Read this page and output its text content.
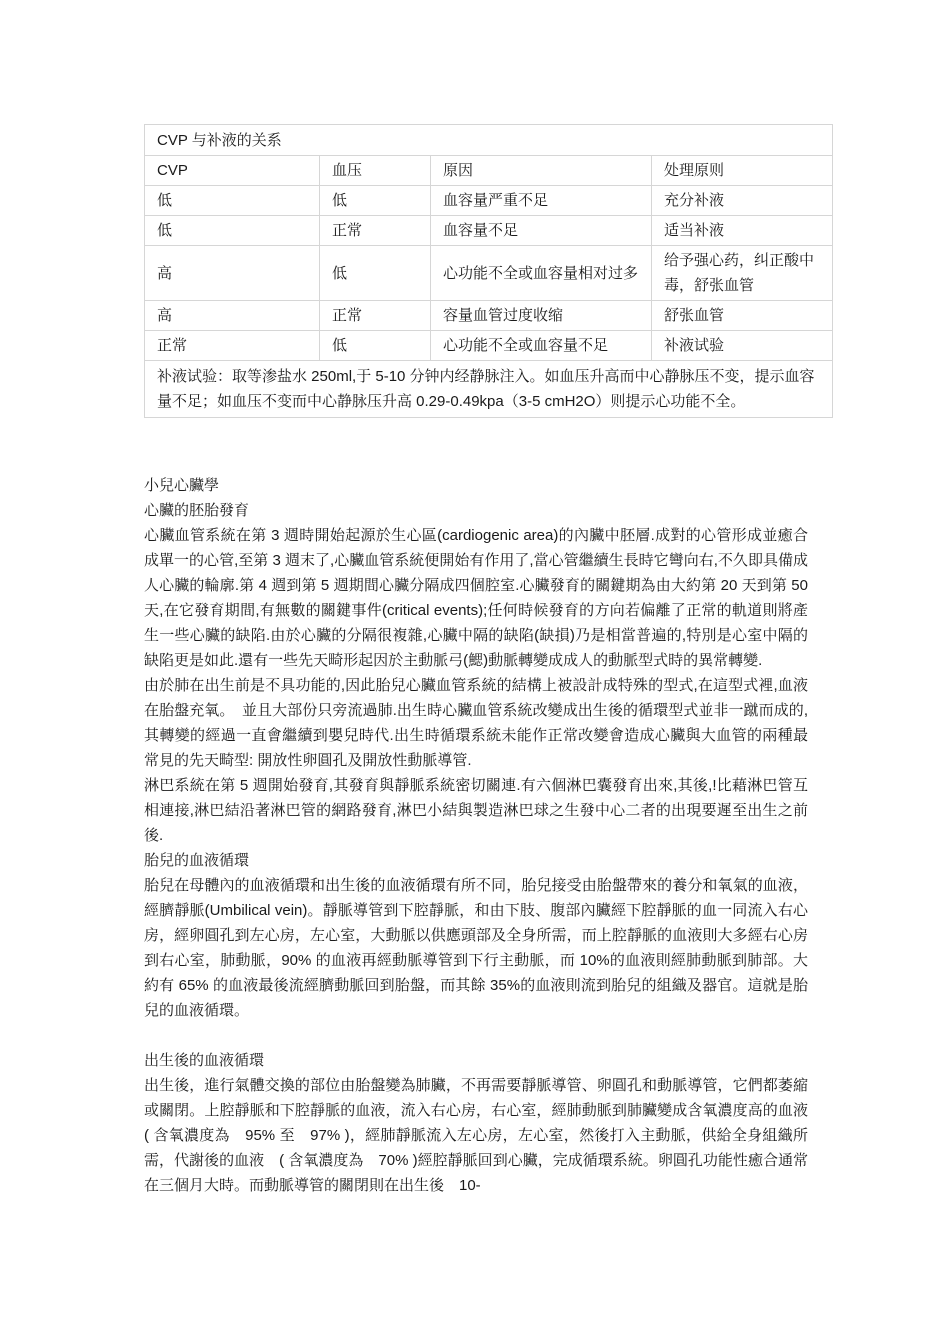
CVP 与补液的关系			
CVP	血压	原因	处理原则
低	低	血容量严重不足	充分补液
低	正常	血容量不足	适当补液
高	低	心功能不全或血容量相对过多	给予强心药，纠正酸中毒，舒张血管
高	正常	容量血管过度收缩	舒张血管
正常	低	心功能不全或血容量不足	补液试验
补液试验：取等渗盐水 250ml,于 5-10 分钟内经静脉注入。如血压升高而中心静脉压不变，提示血容量不足；如血压不变而中心静脉压升高 0.29-0.49kpa（3-5 cmH2O）则提示心功能不全。			

小兒心臟學

心臟的胚胎發育

心臟血管系統在第 3 週時開始起源於生心區(cardiogenic area)的內臟中胚層.成對的心管形成並癒合成單一的心管,至第 3 週末了,心臟血管系統便開始有作用了,當心管繼續生長時它彎向右,不久即具備成人心臟的輪廓.第 4 週到第 5 週期間心臟分隔成四個腔室.心臟發育的關鍵期為由大約第 20 天到第 50 天,在它發育期間,有無數的關鍵事件(critical events);任何時候發育的方向若偏離了正常的軌道則將產生一些心臟的缺陷.由於心臟的分隔很複雜,心臟中隔的缺陷(缺損)乃是相當普遍的,特別是心室中隔的缺陷更是如此.還有一些先天畸形起因於主動脈弓(鰓)動脈轉變成成人的動脈型式時的異常轉變.

由於肺在出生前是不具功能的,因此胎兒心臟血管系統的結構上被設計成特殊的型式,在這型式裡,血液在胎盤充氧。　並且大部份只旁流過肺.出生時心臟血管系統改變成出生後的循環型式並非一蹴而成的,其轉變的經過一直會繼續到嬰兒時代.出生時循環系統未能作正常改變會造成心臟與大血管的兩種最常見的先天畸型: 開放性卵圓孔及開放性動脈導管.

淋巴系統在第 5 週開始發育,其發育與靜脈系統密切關連.有六個淋巴囊發育出來,其後,!比藉淋巴管互相連接,淋巴結沿著淋巴管的網路發育,淋巴小結與製造淋巴球之生發中心二者的出現要遲至出生之前後.

胎兒的血液循環

胎兒在母體內的血液循環和出生後的血液循環有所不同，胎兒接受由胎盤帶來的養分和氧氣的血液，經臍靜脈(Umbilical vein)。靜脈導管到下腔靜脈，和由下肢、腹部內臟經下腔靜脈的血一同流入右心房，經卵圓孔到左心房，左心室，大動脈以供應頭部及全身所需，而上腔靜脈的血液則大多經右心房到右心室，肺動脈，90% 的血液再經動脈導管到下行主動脈，而 10%的血液則經肺動脈到肺部。大約有 65% 的血液最後流經臍動脈回到胎盤，而其餘 35%的血液則流到胎兒的組織及器官。這就是胎兒的血液循環。

出生後的血液循環

出生後，進行氣體交換的部位由胎盤變為肺臟，不再需要靜脈導管、卵圓孔和動脈導管，它們都萎縮或關閉。上腔靜脈和下腔靜脈的血液，流入右心房，右心室，經肺動脈到肺臟變成含氧濃度高的血液( 含氧濃度為　95% 至　97% )，經肺靜脈流入左心房，左心室，然後打入主動脈，供給全身組織所需，代謝後的血液　( 含氧濃度為　70% )經腔靜脈回到心臟，完成循環系統。卵圓孔功能性癒合通常在三個月大時。而動脈導管的關閉則在出生後　10-
